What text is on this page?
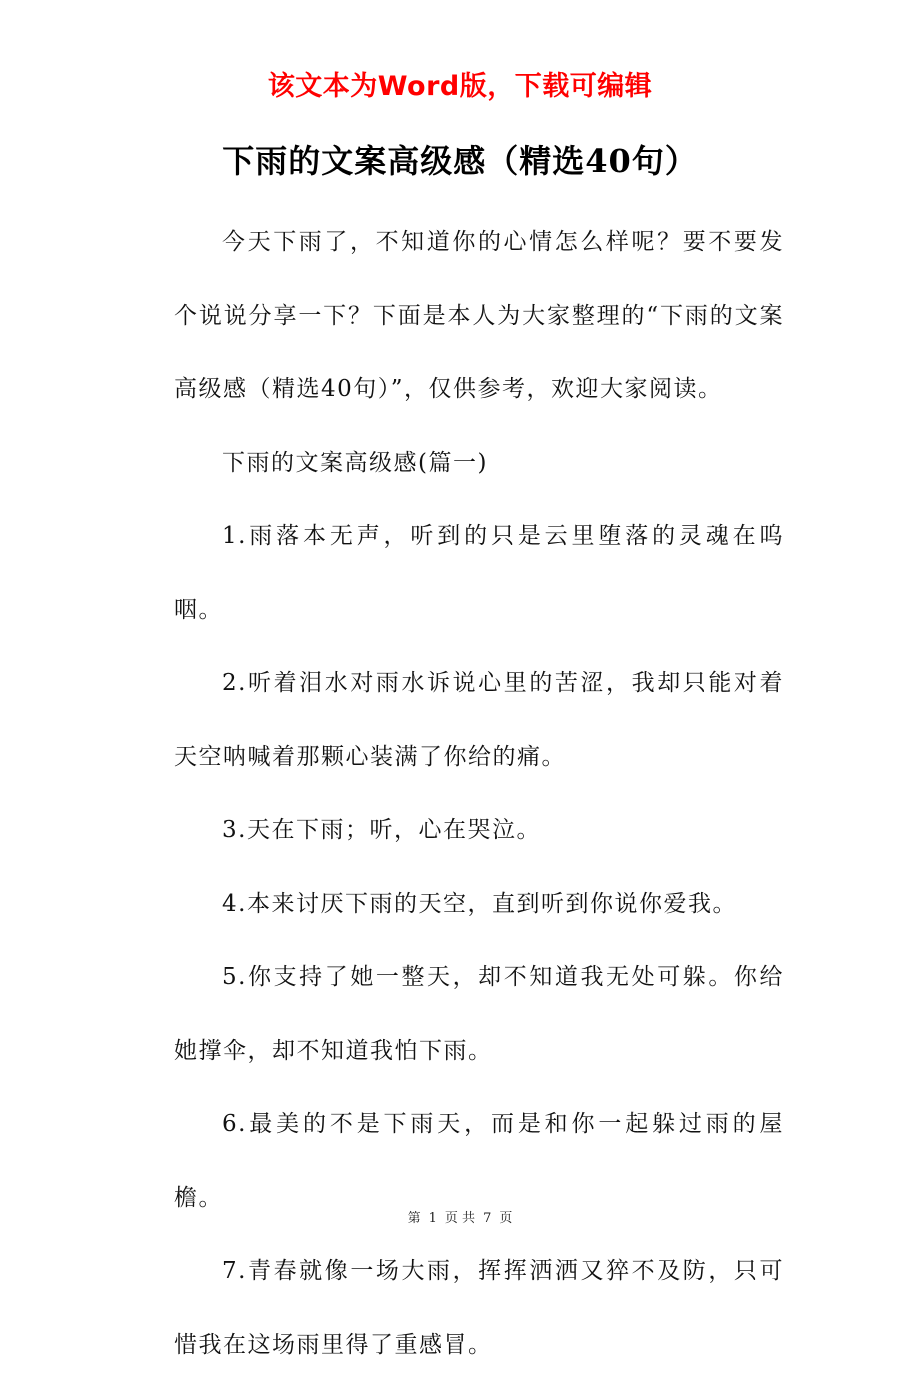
该文本为Word版，下载可编辑
下雨的文案高级感（精选40句）

今天下雨了，不知道你的心情怎么样呢？要不要发个说说分享一下？下面是本人为大家整理的“下雨的文案高级感（精选40句）”，仅供参考，欢迎大家阅读。

下雨的文案高级感(篇一)

1.雨落本无声，听到的只是云里堕落的灵魂在呜咽。

2.听着泪水对雨水诉说心里的苦涩，我却只能对着天空呐喊着那颗心装满了你给的痛。

3.天在下雨；听，心在哭泣。

4.本来讨厌下雨的天空，直到听到你说你爱我。

5.你支持了她一整天，却不知道我无处可躲。你给她撑伞，却不知道我怕下雨。

6.最美的不是下雨天，而是和你一起躲过雨的屋檐。

7.青春就像一场大雨，挥挥洒洒又猝不及防，只可惜我在这场雨里得了重感冒。

第 1 页 共 7 页
